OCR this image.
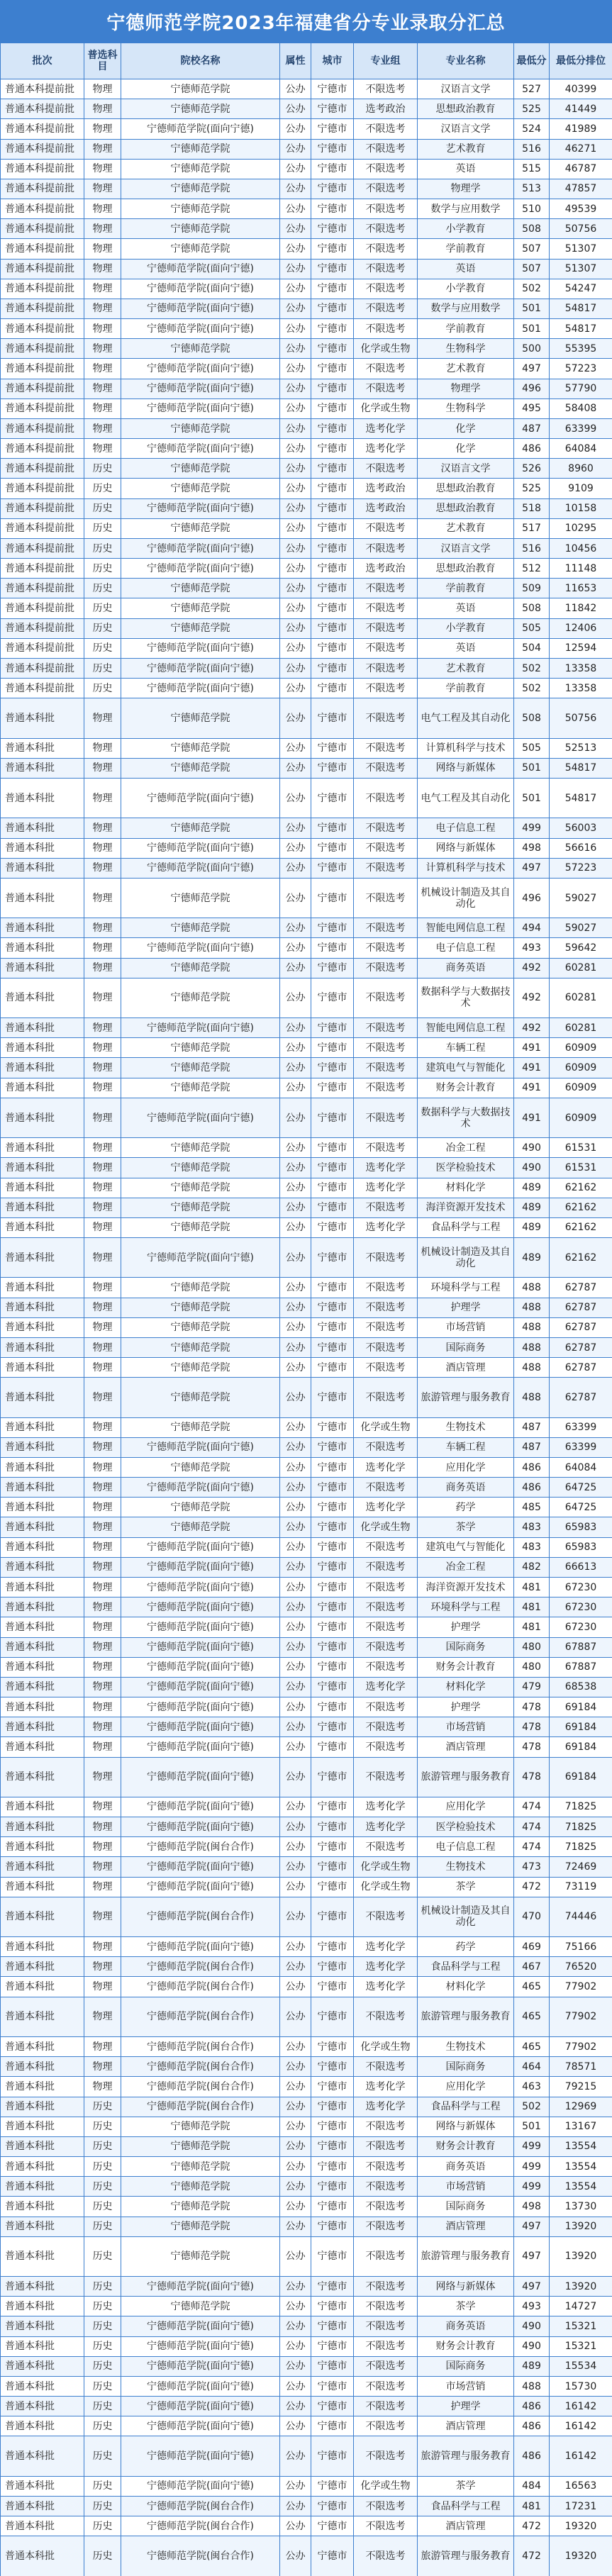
宁德师范学院2023年福建省分专业录取分汇总
批次	普选科目	院校名称	属性	城市	专业组	专业名称	最低分	最低分排位
普通本科提前批	物理	宁德师范学院	公办	宁德市	不限选考	汉语言文学	527	40399
普通本科提前批	物理	宁德师范学院	公办	宁德市	选考政治	思想政治教育	525	41449
普通本科提前批	物理	宁德师范学院(面向宁德)	公办	宁德市	不限选考	汉语言文学	524	41989
普通本科提前批	物理	宁德师范学院	公办	宁德市	不限选考	艺术教育	516	46271
普通本科提前批	物理	宁德师范学院	公办	宁德市	不限选考	英语	515	46787
普通本科提前批	物理	宁德师范学院	公办	宁德市	不限选考	物理学	513	47857
普通本科提前批	物理	宁德师范学院	公办	宁德市	不限选考	数学与应用数学	510	49539
普通本科提前批	物理	宁德师范学院	公办	宁德市	不限选考	小学教育	508	50756
普通本科提前批	物理	宁德师范学院	公办	宁德市	不限选考	学前教育	507	51307
普通本科提前批	物理	宁德师范学院(面向宁德)	公办	宁德市	不限选考	英语	507	51307
普通本科提前批	物理	宁德师范学院(面向宁德)	公办	宁德市	不限选考	小学教育	502	54247
普通本科提前批	物理	宁德师范学院(面向宁德)	公办	宁德市	不限选考	数学与应用数学	501	54817
普通本科提前批	物理	宁德师范学院(面向宁德)	公办	宁德市	不限选考	学前教育	501	54817
普通本科提前批	物理	宁德师范学院	公办	宁德市	化学或生物	生物科学	500	55395
普通本科提前批	物理	宁德师范学院(面向宁德)	公办	宁德市	不限选考	艺术教育	497	57223
普通本科提前批	物理	宁德师范学院(面向宁德)	公办	宁德市	不限选考	物理学	496	57790
普通本科提前批	物理	宁德师范学院(面向宁德)	公办	宁德市	化学或生物	生物科学	495	58408
普通本科提前批	物理	宁德师范学院	公办	宁德市	选考化学	化学	487	63399
普通本科提前批	物理	宁德师范学院(面向宁德)	公办	宁德市	选考化学	化学	486	64084
普通本科提前批	历史	宁德师范学院	公办	宁德市	不限选考	汉语言文学	526	8960
普通本科提前批	历史	宁德师范学院	公办	宁德市	选考政治	思想政治教育	525	9109
普通本科提前批	历史	宁德师范学院(面向宁德)	公办	宁德市	选考政治	思想政治教育	518	10158
普通本科提前批	历史	宁德师范学院	公办	宁德市	不限选考	艺术教育	517	10295
普通本科提前批	历史	宁德师范学院(面向宁德)	公办	宁德市	不限选考	汉语言文学	516	10456
普通本科提前批	历史	宁德师范学院(面向宁德)	公办	宁德市	选考政治	思想政治教育	512	11148
普通本科提前批	历史	宁德师范学院	公办	宁德市	不限选考	学前教育	509	11653
普通本科提前批	历史	宁德师范学院	公办	宁德市	不限选考	英语	508	11842
普通本科提前批	历史	宁德师范学院	公办	宁德市	不限选考	小学教育	505	12406
普通本科提前批	历史	宁德师范学院(面向宁德)	公办	宁德市	不限选考	英语	504	12594
普通本科提前批	历史	宁德师范学院(面向宁德)	公办	宁德市	不限选考	艺术教育	502	13358
普通本科提前批	历史	宁德师范学院(面向宁德)	公办	宁德市	不限选考	学前教育	502	13358
普通本科批	物理	宁德师范学院	公办	宁德市	不限选考	电气工程及其自动化	508	50756
普通本科批	物理	宁德师范学院	公办	宁德市	不限选考	计算机科学与技术	505	52513
普通本科批	物理	宁德师范学院	公办	宁德市	不限选考	网络与新媒体	501	54817
普通本科批	物理	宁德师范学院(面向宁德)	公办	宁德市	不限选考	电气工程及其自动化	501	54817
普通本科批	物理	宁德师范学院	公办	宁德市	不限选考	电子信息工程	499	56003
普通本科批	物理	宁德师范学院(面向宁德)	公办	宁德市	不限选考	网络与新媒体	498	56616
普通本科批	物理	宁德师范学院(面向宁德)	公办	宁德市	不限选考	计算机科学与技术	497	57223
普通本科批	物理	宁德师范学院	公办	宁德市	不限选考	机械设计制造及其自动化	496	59027
普通本科批	物理	宁德师范学院	公办	宁德市	不限选考	智能电网信息工程	494	59027
普通本科批	物理	宁德师范学院(面向宁德)	公办	宁德市	不限选考	电子信息工程	493	59642
普通本科批	物理	宁德师范学院	公办	宁德市	不限选考	商务英语	492	60281
普通本科批	物理	宁德师范学院	公办	宁德市	不限选考	数据科学与大数据技术	492	60281
普通本科批	物理	宁德师范学院(面向宁德)	公办	宁德市	不限选考	智能电网信息工程	492	60281
普通本科批	物理	宁德师范学院	公办	宁德市	不限选考	车辆工程	491	60909
普通本科批	物理	宁德师范学院	公办	宁德市	不限选考	建筑电气与智能化	491	60909
普通本科批	物理	宁德师范学院	公办	宁德市	不限选考	财务会计教育	491	60909
普通本科批	物理	宁德师范学院(面向宁德)	公办	宁德市	不限选考	数据科学与大数据技术	491	60909
普通本科批	物理	宁德师范学院	公办	宁德市	不限选考	冶金工程	490	61531
普通本科批	物理	宁德师范学院	公办	宁德市	选考化学	医学检验技术	490	61531
普通本科批	物理	宁德师范学院	公办	宁德市	选考化学	材料化学	489	62162
普通本科批	物理	宁德师范学院	公办	宁德市	不限选考	海洋资源开发技术	489	62162
普通本科批	物理	宁德师范学院	公办	宁德市	选考化学	食品科学与工程	489	62162
普通本科批	物理	宁德师范学院(面向宁德)	公办	宁德市	不限选考	机械设计制造及其自动化	489	62162
普通本科批	物理	宁德师范学院	公办	宁德市	不限选考	环境科学与工程	488	62787
普通本科批	物理	宁德师范学院	公办	宁德市	不限选考	护理学	488	62787
普通本科批	物理	宁德师范学院	公办	宁德市	不限选考	市场营销	488	62787
普通本科批	物理	宁德师范学院	公办	宁德市	不限选考	国际商务	488	62787
普通本科批	物理	宁德师范学院	公办	宁德市	不限选考	酒店管理	488	62787
普通本科批	物理	宁德师范学院	公办	宁德市	不限选考	旅游管理与服务教育	488	62787
普通本科批	物理	宁德师范学院	公办	宁德市	化学或生物	生物技术	487	63399
普通本科批	物理	宁德师范学院(面向宁德)	公办	宁德市	不限选考	车辆工程	487	63399
普通本科批	物理	宁德师范学院	公办	宁德市	选考化学	应用化学	486	64084
普通本科批	物理	宁德师范学院(面向宁德)	公办	宁德市	不限选考	商务英语	486	64725
普通本科批	物理	宁德师范学院	公办	宁德市	选考化学	药学	485	64725
普通本科批	物理	宁德师范学院	公办	宁德市	化学或生物	茶学	483	65983
普通本科批	物理	宁德师范学院(面向宁德)	公办	宁德市	不限选考	建筑电气与智能化	483	65983
普通本科批	物理	宁德师范学院(面向宁德)	公办	宁德市	不限选考	冶金工程	482	66613
普通本科批	物理	宁德师范学院(面向宁德)	公办	宁德市	不限选考	海洋资源开发技术	481	67230
普通本科批	物理	宁德师范学院(面向宁德)	公办	宁德市	不限选考	环境科学与工程	481	67230
普通本科批	物理	宁德师范学院(面向宁德)	公办	宁德市	不限选考	护理学	481	67230
普通本科批	物理	宁德师范学院(面向宁德)	公办	宁德市	不限选考	国际商务	480	67887
普通本科批	物理	宁德师范学院(面向宁德)	公办	宁德市	不限选考	财务会计教育	480	67887
普通本科批	物理	宁德师范学院(面向宁德)	公办	宁德市	选考化学	材料化学	479	68538
普通本科批	物理	宁德师范学院(面向宁德)	公办	宁德市	不限选考	护理学	478	69184
普通本科批	物理	宁德师范学院(面向宁德)	公办	宁德市	不限选考	市场营销	478	69184
普通本科批	物理	宁德师范学院(面向宁德)	公办	宁德市	不限选考	酒店管理	478	69184
普通本科批	物理	宁德师范学院(面向宁德)	公办	宁德市	不限选考	旅游管理与服务教育	478	69184
普通本科批	物理	宁德师范学院(面向宁德)	公办	宁德市	选考化学	应用化学	474	71825
普通本科批	物理	宁德师范学院(面向宁德)	公办	宁德市	选考化学	医学检验技术	474	71825
普通本科批	物理	宁德师范学院(闽台合作)	公办	宁德市	不限选考	电子信息工程	474	71825
普通本科批	物理	宁德师范学院(面向宁德)	公办	宁德市	化学或生物	生物技术	473	72469
普通本科批	物理	宁德师范学院(面向宁德)	公办	宁德市	化学或生物	茶学	472	73119
普通本科批	物理	宁德师范学院(闽台合作)	公办	宁德市	不限选考	机械设计制造及其自动化	470	74446
普通本科批	物理	宁德师范学院(面向宁德)	公办	宁德市	选考化学	药学	469	75166
普通本科批	物理	宁德师范学院(闽台合作)	公办	宁德市	选考化学	食品科学与工程	467	76520
普通本科批	物理	宁德师范学院(闽台合作)	公办	宁德市	选考化学	材料化学	465	77902
普通本科批	物理	宁德师范学院(闽台合作)	公办	宁德市	不限选考	旅游管理与服务教育	465	77902
普通本科批	物理	宁德师范学院(闽台合作)	公办	宁德市	化学或生物	生物技术	465	77902
普通本科批	物理	宁德师范学院(闽台合作)	公办	宁德市	不限选考	国际商务	464	78571
普通本科批	物理	宁德师范学院(闽台合作)	公办	宁德市	选考化学	应用化学	463	79215
普通本科批	历史	宁德师范学院(闽台合作)	公办	宁德市	选考化学	食品科学与工程	502	12969
普通本科批	历史	宁德师范学院	公办	宁德市	不限选考	网络与新媒体	501	13167
普通本科批	历史	宁德师范学院	公办	宁德市	不限选考	财务会计教育	499	13554
普通本科批	历史	宁德师范学院	公办	宁德市	不限选考	商务英语	499	13554
普通本科批	历史	宁德师范学院	公办	宁德市	不限选考	市场营销	499	13554
普通本科批	历史	宁德师范学院	公办	宁德市	不限选考	国际商务	498	13730
普通本科批	历史	宁德师范学院	公办	宁德市	不限选考	酒店管理	497	13920
普通本科批	历史	宁德师范学院	公办	宁德市	不限选考	旅游管理与服务教育	497	13920
普通本科批	历史	宁德师范学院(面向宁德)	公办	宁德市	不限选考	网络与新媒体	497	13920
普通本科批	历史	宁德师范学院	公办	宁德市	不限选考	茶学	493	14727
普通本科批	历史	宁德师范学院(面向宁德)	公办	宁德市	不限选考	商务英语	490	15321
普通本科批	历史	宁德师范学院(面向宁德)	公办	宁德市	不限选考	财务会计教育	490	15321
普通本科批	历史	宁德师范学院(面向宁德)	公办	宁德市	不限选考	国际商务	489	15534
普通本科批	历史	宁德师范学院(面向宁德)	公办	宁德市	不限选考	市场营销	488	15730
普通本科批	历史	宁德师范学院(面向宁德)	公办	宁德市	不限选考	护理学	486	16142
普通本科批	历史	宁德师范学院(面向宁德)	公办	宁德市	不限选考	酒店管理	486	16142
普通本科批	历史	宁德师范学院(面向宁德)	公办	宁德市	不限选考	旅游管理与服务教育	486	16142
普通本科批	历史	宁德师范学院(面向宁德)	公办	宁德市	化学或生物	茶学	484	16563
普通本科批	历史	宁德师范学院(闽台合作)	公办	宁德市	不限选考	食品科学与工程	481	17231
普通本科批	历史	宁德师范学院(闽台合作)	公办	宁德市	不限选考	酒店管理	472	19320
普通本科批	历史	宁德师范学院(闽台合作)	公办	宁德市	不限选考	旅游管理与服务教育	472	19320
